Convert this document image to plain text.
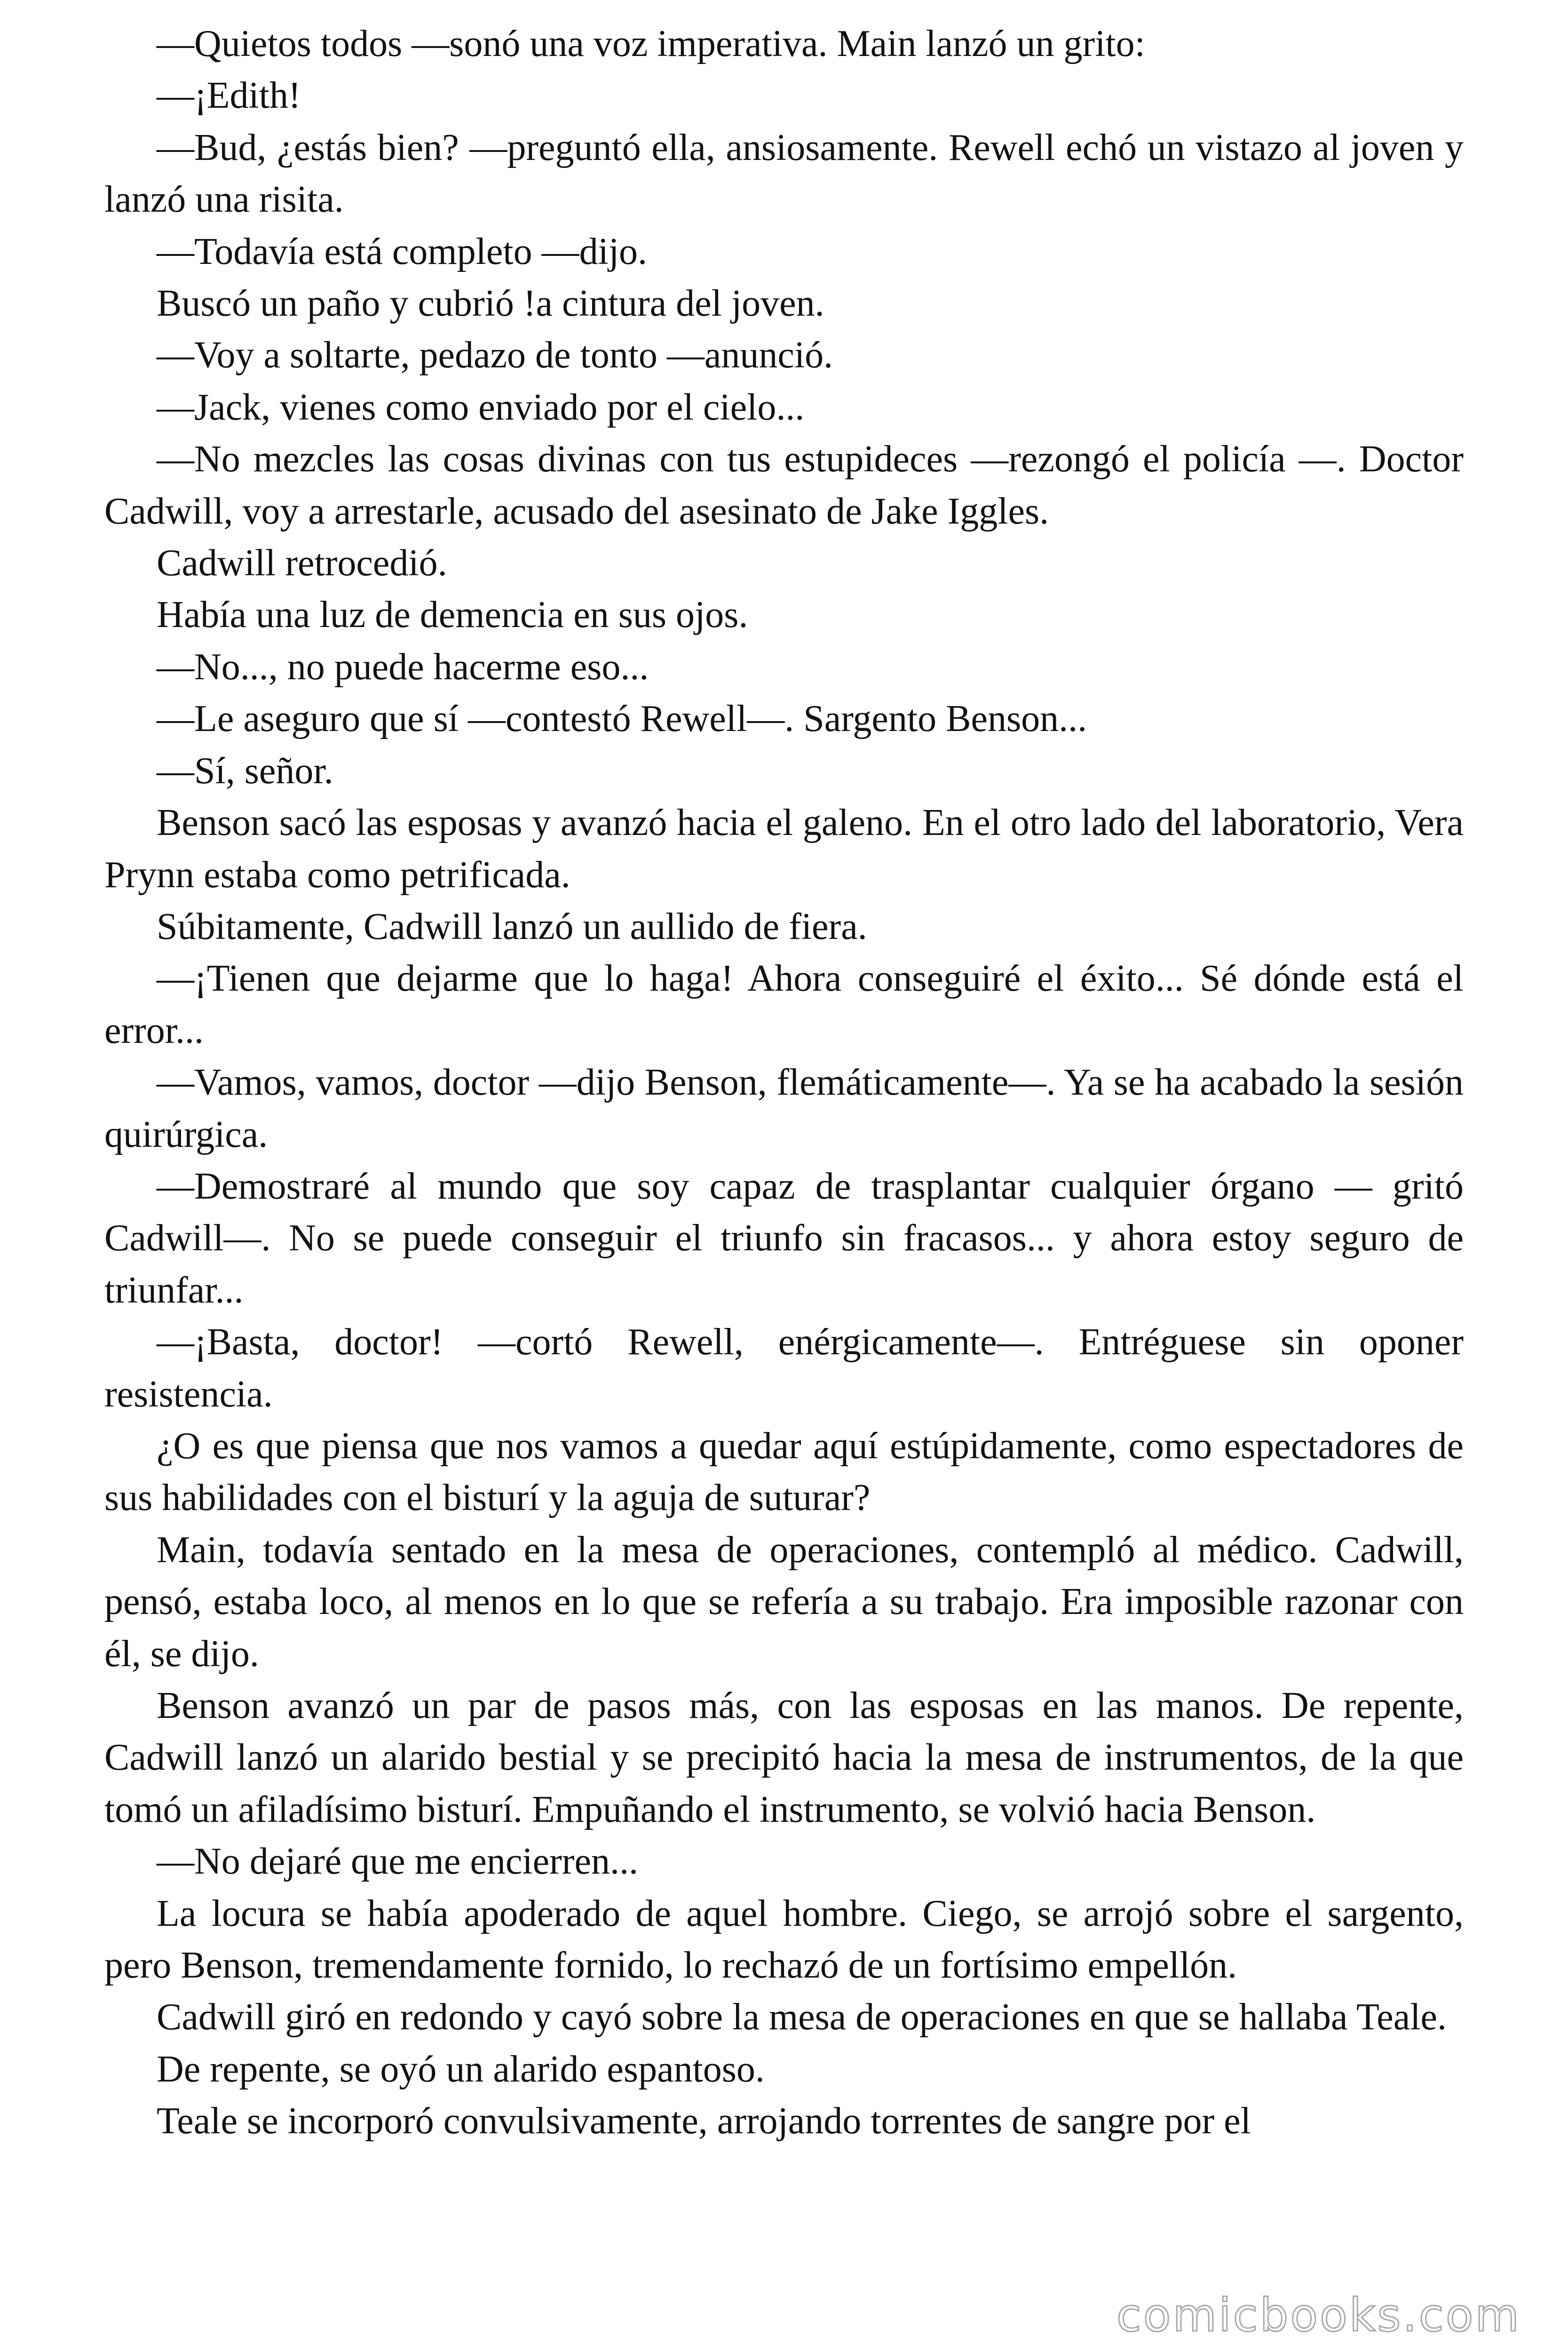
—Quietos todos —sonó una voz imperativa. Main lanzó un grito:

—¡Edith!

—Bud, ¿estás bien? —preguntó ella, ansiosamente. Rewell echó un vistazo al joven y lanzó una risita.

—Todavía está completo —dijo.

Buscó un paño y cubrió !a cintura del joven.

—Voy a soltarte, pedazo de tonto —anunció.

—Jack, vienes como enviado por el cielo...

—No mezcles las cosas divinas con tus estupideces —rezongó el policía —. Doctor Cadwill, voy a arrestarle, acusado del asesinato de Jake Iggles.

Cadwill retrocedió.

Había una luz de demencia en sus ojos.

—No..., no puede hacerme eso...

—Le aseguro que sí —contestó Rewell—. Sargento Benson...

—Sí, señor.

Benson sacó las esposas y avanzó hacia el galeno. En el otro lado del laboratorio, Vera Prynn estaba como petrificada.

Súbitamente, Cadwill lanzó un aullido de fiera.

—¡Tienen que dejarme que lo haga! Ahora conseguiré el éxito... Sé dónde está el error...

—Vamos, vamos, doctor —dijo Benson, flemáticamente—. Ya se ha acabado la sesión quirúrgica.

—Demostraré al mundo que soy capaz de trasplantar cualquier órgano — gritó Cadwill—. No se puede conseguir el triunfo sin fracasos... y ahora estoy seguro de triunfar...

—¡Basta, doctor! —cortó Rewell, enérgicamente—. Entréguese sin oponer resistencia.

¿O es que piensa que nos vamos a quedar aquí estúpidamente, como espectadores de sus habilidades con el bisturí y la aguja de suturar?

Main, todavía sentado en la mesa de operaciones, contempló al médico. Cadwill, pensó, estaba loco, al menos en lo que se refería a su trabajo. Era imposible razonar con él, se dijo.

Benson avanzó un par de pasos más, con las esposas en las manos. De repente, Cadwill lanzó un alarido bestial y se precipitó hacia la mesa de instrumentos, de la que tomó un afiladísimo bisturí. Empuñando el instrumento, se volvió hacia Benson.

—No dejaré que me encierren...

La locura se había apoderado de aquel hombre. Ciego, se arrojó sobre el sargento, pero Benson, tremendamente fornido, lo rechazó de un fortísimo empellón.

Cadwill giró en redondo y cayó sobre la mesa de operaciones en que se hallaba Teale.

De repente, se oyó un alarido espantoso.

Teale se incorporó convulsivamente, arrojando torrentes de sangre por el

comicbooks.com
